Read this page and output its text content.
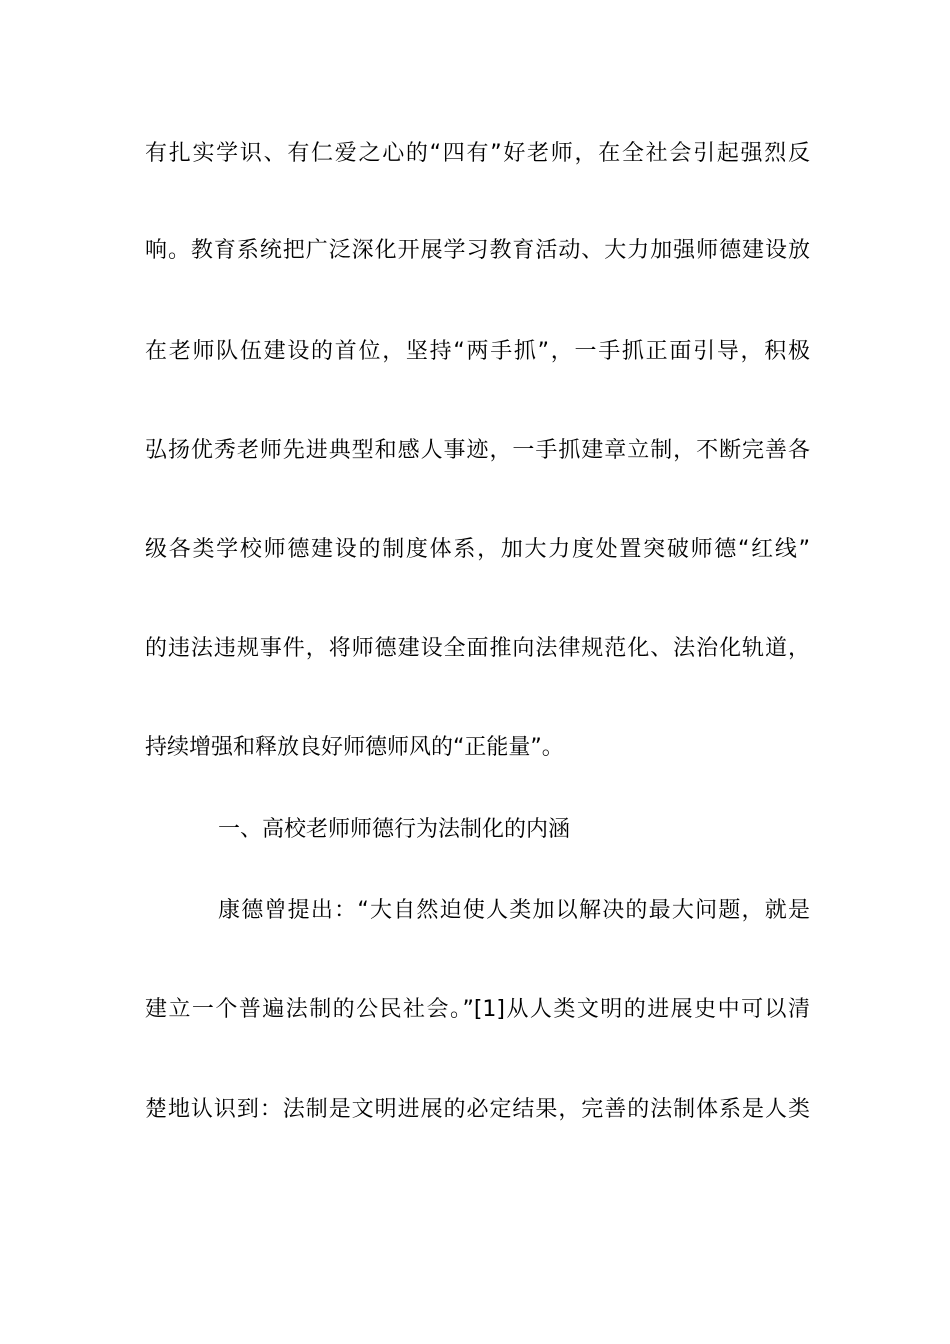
有扎实学识、有仁爱之心的“四有”好老师，在全社会引起强烈反
响。教育系统把广泛深化开展学习教育活动、大力加强师德建设放
在老师队伍建设的首位，坚持“两手抓”，一手抓正面引导，积极
弘扬优秀老师先进典型和感人事迹，一手抓建章立制，不断完善各
级各类学校师德建设的制度体系，加大力度处置突破师德“红线”
的违法违规事件，将师德建设全面推向法律规范化、法治化轨道，
持续增强和释放良好师德师风的“正能量”。
一、高校老师师德行为法制化的内涵
康德曾提出：“大自然迫使人类加以解决的最大问题，就是
建立一个普遍法制的公民社会。”[1]从人类文明的进展史中可以清
楚地认识到：法制是文明进展的必定结果，完善的法制体系是人类
